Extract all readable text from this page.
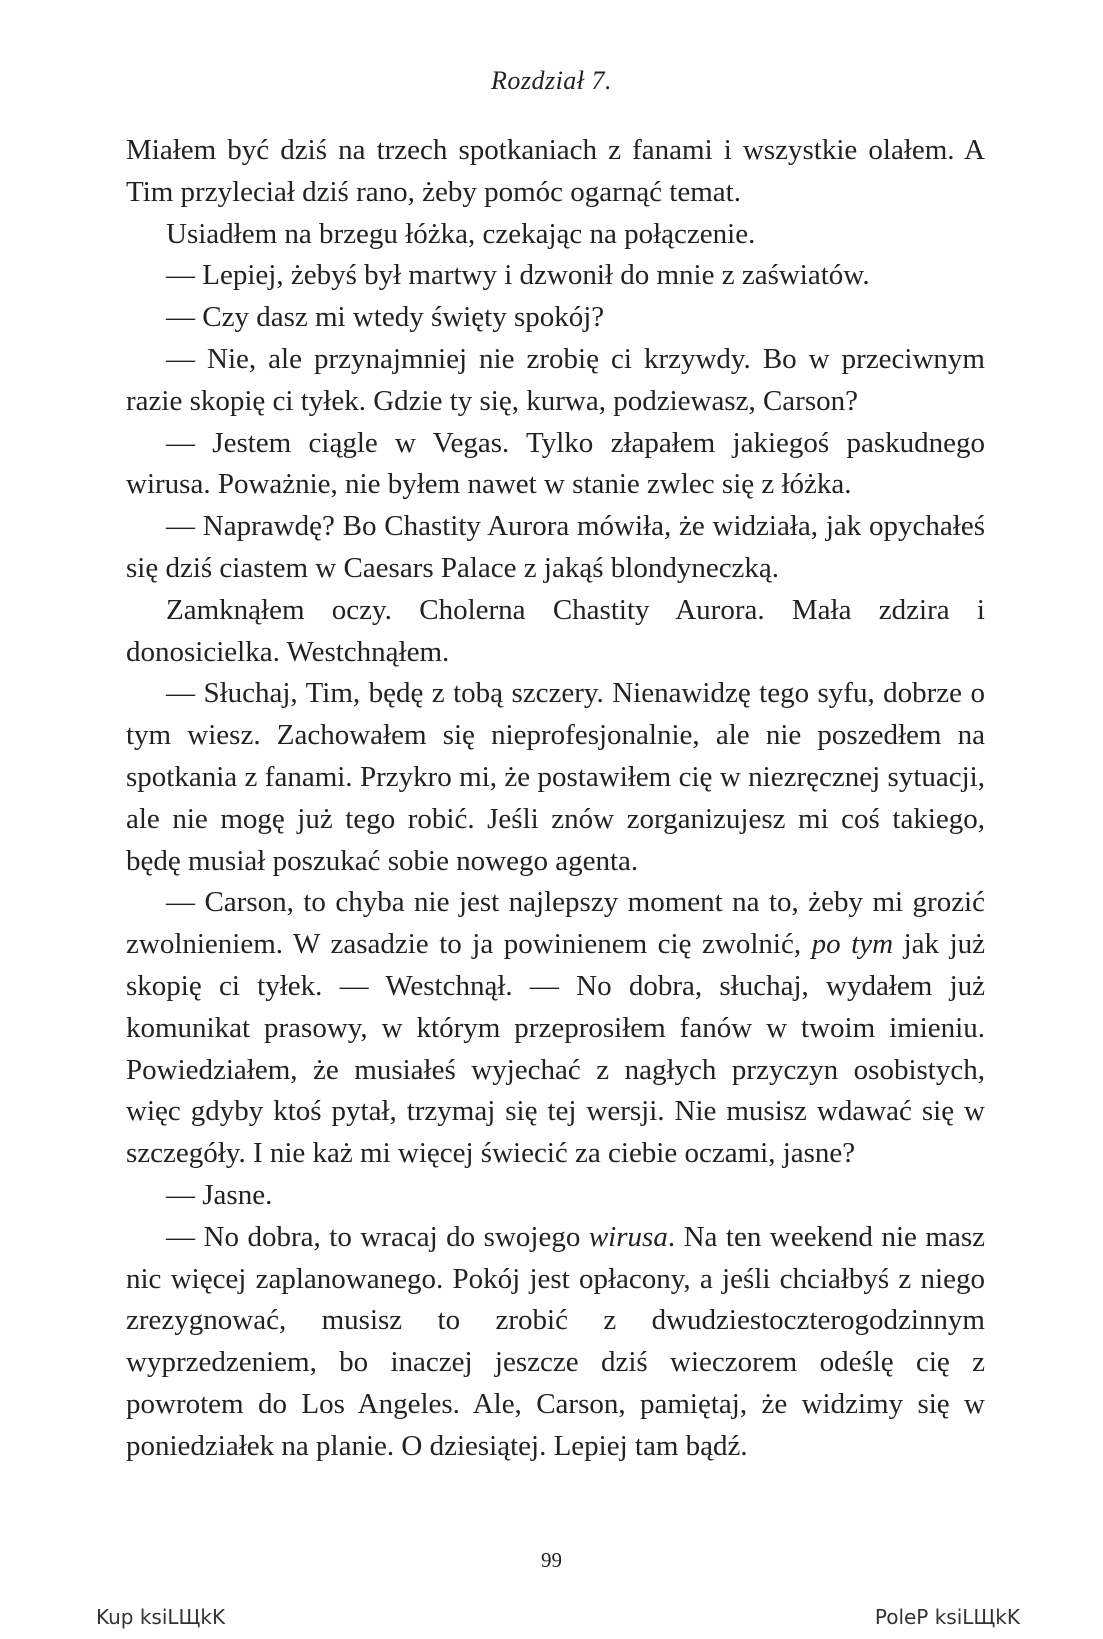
Rozdział 7.

Miałem być dziś na trzech spotkaniach z fanami i wszystkie olałem. A Tim przyleciał dziś rano, żeby pomóc ogarnąć temat.

Usiadłem na brzegu łóżka, czekając na połączenie.

— Lepiej, żebyś był martwy i dzwonił do mnie z zaświatów.

— Czy dasz mi wtedy święty spokój?

— Nie, ale przynajmniej nie zrobię ci krzywdy. Bo w przeciwnym razie skopię ci tyłek. Gdzie ty się, kurwa, podziewasz, Carson?

— Jestem ciągle w Vegas. Tylko złapałem jakiegoś paskudnego wirusa. Poważnie, nie byłem nawet w stanie zwlec się z łóżka.

— Naprawdę? Bo Chastity Aurora mówiła, że widziała, jak opychałeś się dziś ciastem w Caesars Palace z jakąś blondyneczką.

Zamknąłem oczy. Cholerna Chastity Aurora. Mała zdzira i donosicielka. Westchnąłem.

— Słuchaj, Tim, będę z tobą szczery. Nienawidzę tego syfu, dobrze o tym wiesz. Zachowałem się nieprofesjonalnie, ale nie poszedłem na spotkania z fanami. Przykro mi, że postawiłem cię w niezręcznej sytuacji, ale nie mogę już tego robić. Jeśli znów zorganizujesz mi coś takiego, będę musiał poszukać sobie nowego agenta.

— Carson, to chyba nie jest najlepszy moment na to, żeby mi grozić zwolnieniem. W zasadzie to ja powinienem cię zwolnić, po tym jak już skopię ci tyłek. — Westchnął. — No dobra, słuchaj, wydałem już komunikat prasowy, w którym przeprosiłem fanów w twoim imieniu. Powiedziałem, że musiałeś wyjechać z nagłych przyczyn osobistych, więc gdyby ktoś pytał, trzymaj się tej wersji. Nie musisz wdawać się w szczegóły. I nie każ mi więcej świecić za ciebie oczami, jasne?

— Jasne.

— No dobra, to wracaj do swojego wirusa. Na ten weekend nie masz nic więcej zaplanowanego. Pokój jest opłacony, a jeśli chciałbyś z niego zrezygnować, musisz to zrobić z dwudziestoczterogodzinnym wyprzedzeniem, bo inaczej jeszcze dziś wieczorem odeślę cię z powrotem do Los Angeles. Ale, Carson, pamiętaj, że widzimy się w poniedziałek na planie. O dziesiątej. Lepiej tam bądź.

99
Kup ksiLЩkK	PoleP ksiLЩkK
